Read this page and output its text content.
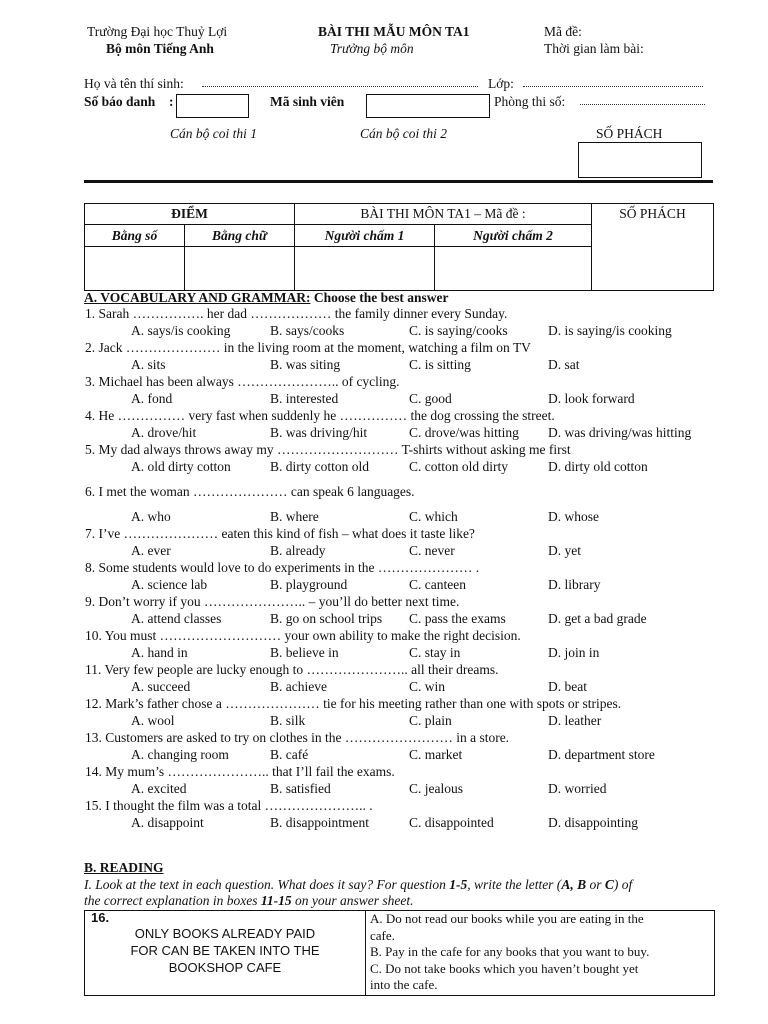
Trường Đại học Thuỷ Lợi
Bộ môn Tiếng Anh
BÀI THI MẪU MÔN TA1
Trưởng bộ môn
Mã đề:
Thời gian làm bài:
Họ và tên thí sinh:	Lớp:
Số báo danh :	Mã sinh viên	Phòng thi số:
Cán bộ coi thi 1	Cán bộ coi thi 2	SỐ PHÁCH
ĐIỂM		BÀI THI MÔN TA1 – Mã đề :		SỐ PHÁCH
Bằng số	Bằng chữ	Người chấm 1	Người chấm 2	

A. VOCABULARY AND GRAMMAR: Choose the best answer
1. Sarah ……………. her dad ……………… the family dinner every Sunday.
A. says/is cooking	B. says/cooks	C. is saying/cooks	D. is saying/is cooking
2. Jack ………………… in the living room at the moment, watching a film on TV
A. sits	B. was siting	C. is sitting	D. sat
3. Michael has been always ………………….. of cycling.
A. fond	B. interested	C. good	D. look forward
4. He …………… very fast when suddenly he …………… the dog crossing the street.
A. drove/hit	B. was driving/hit	C. drove/was hitting D. was driving/was hitting
5. My dad always throws away my ……………………… T-shirts without asking me first
A. old dirty cotton	B. dirty cotton old	C. cotton old dirty	D. dirty old cotton
6. I met the woman ………………… can speak 6 languages.
A. who	B. where	C. which	D. whose
7. I’ve ………………… eaten this kind of fish – what does it taste like?
A. ever	B. already	C. never	D. yet
8. Some students would love to do experiments in the ………………… .
A. science lab	B. playground	C. canteen	D. library
9. Don’t worry if you ………………….. – you’ll do better next time.
A. attend classes	B. go on school trips C. pass the exams	D. get a bad grade
10. You must ……………………… your own ability to make the right decision.
A. hand in	B. believe in	C. stay in	D. join in
11. Very few people are lucky enough to ………………….. all their dreams.
A. succeed	B. achieve	C. win	D. beat
12. Mark’s father chose a ………………… tie for his meeting rather than one with spots or stripes.
A. wool	B. silk	C. plain	D. leather
13. Customers are asked to try on clothes in the …………………… in a store.
A. changing room	B. café	C. market	D. department store
14. My mum’s ………………….. that I’ll fail the exams.
A. excited	B. satisfied	C. jealous	D. worried
15. I thought the film was a total ………………….. .
A. disappoint	B. disappointment	C. disappointed	D. disappointing
B. READING
I. Look at the text in each question. What does it say? For question 1-5, write the letter (A, B or C) of
the correct explanation in boxes 11-15 on your answer sheet.
16.
ONLY BOOKS ALREADY PAID
FOR CAN BE TAKEN INTO THE
BOOKSHOP CAFE

A. Do not read our books while you are eating in the
cafe.
B. Pay in the cafe for any books that you want to buy.
C. Do not take books which you haven’t bought yet
into the cafe.
